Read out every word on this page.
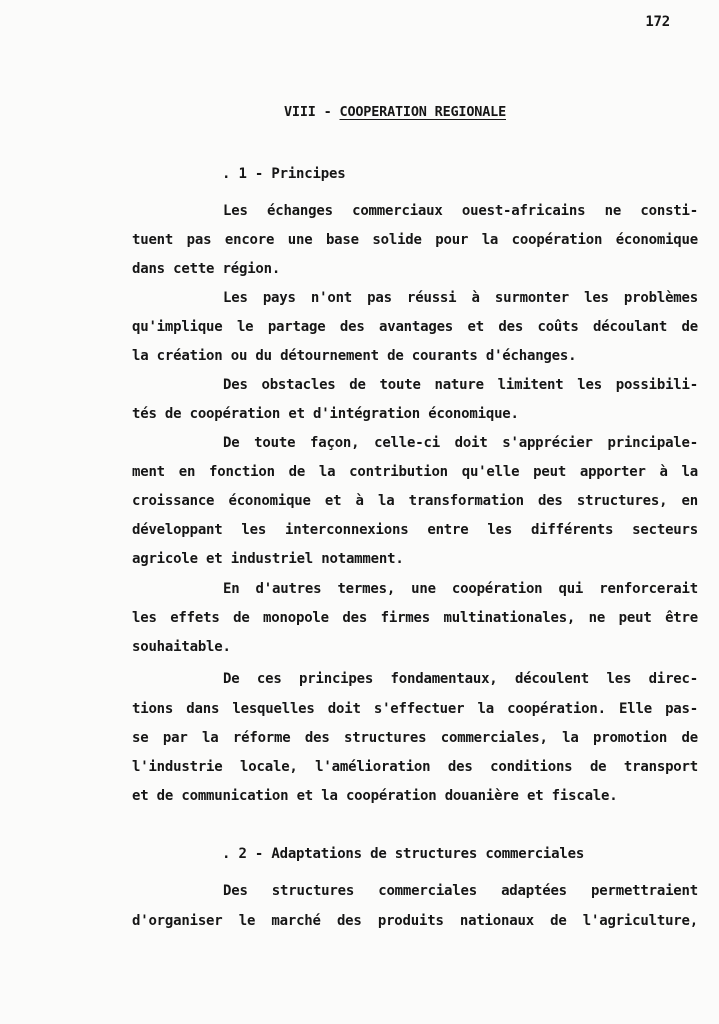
172
VIII - COOPERATION REGIONALE
. 1 - Principes
Les échanges commerciaux ouest-africains ne consti-
tuent pas encore une base solide pour la coopération économique
dans cette région.
Les pays n'ont pas réussi à surmonter les problèmes
qu'implique le partage des avantages et des coûts découlant de
la création ou du détournement de courants d'échanges.
Des obstacles de toute nature limitent les possibili-
tés de coopération et d'intégration économique.
De toute façon, celle-ci doit s'apprécier principale-
ment en fonction de la contribution qu'elle peut apporter à la
croissance économique et à la transformation des structures, en
développant les interconnexions entre les différents secteurs
agricole et industriel notamment.
En d'autres termes, une coopération qui renforcerait
les effets de monopole des firmes multinationales, ne peut être
souhaitable.
De ces principes fondamentaux, découlent les direc-
tions dans lesquelles doit s'effectuer la coopération. Elle pas-
se par la réforme des structures commerciales, la promotion de
l'industrie locale, l'amélioration des conditions de transport
et de communication et la coopération douanière et fiscale.
. 2 - Adaptations de structures commerciales
Des structures commerciales adaptées permettraient
d'organiser le marché des produits nationaux de l'agriculture,
